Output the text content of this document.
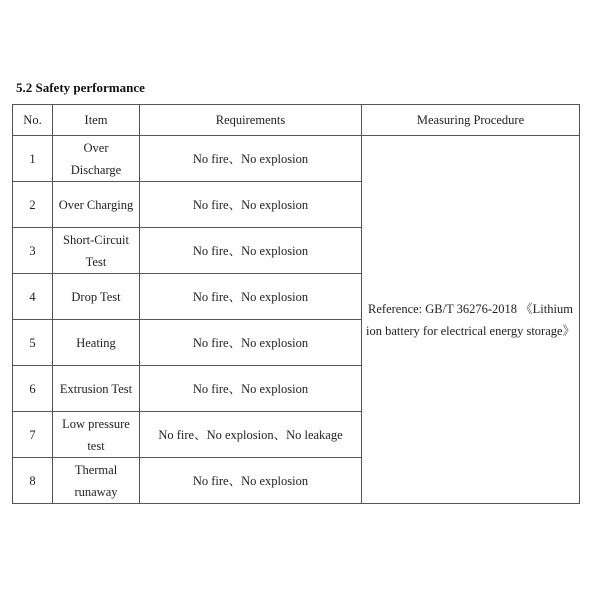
5.2 Safety performance
No.	Item	Requirements	Measuring Procedure
1	Over Discharge	No fire、No explosion	Reference: GB/T 36276-2018 《Lithium ion battery for electrical energy storage》

2	Over Charging	No fire、No explosion	
3	Short-Circuit Test	No fire、No explosion	
4	Drop Test	No fire、No explosion	
5	Heating	No fire、No explosion	
6	Extrusion Test	No fire、No explosion	
7	Low pressure test	No fire、No explosion、No leakage	
8	Thermal runaway	No fire、No explosion	
